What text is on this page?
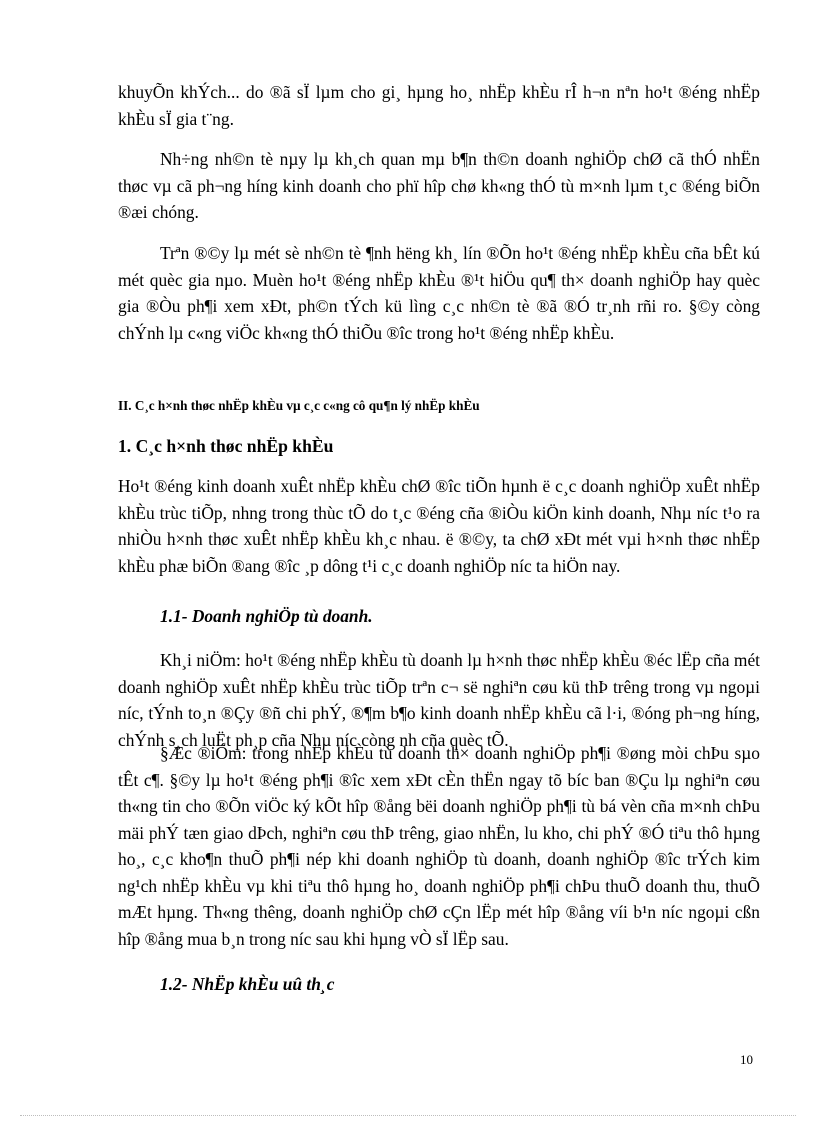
khuyÕn khÝch... do ®ã sÏ lµm cho gi¸ hµng ho¸ nhËp khÈu rÎ h¬n nªn ho¹t ®éng nhËp khÈu sÏ gia t¨ng.

Nh÷ng nh©n tè nµy lµ kh¸ch quan mµ b¶n th©n doanh nghiÖp chØ cã thÓ nhËn thøc vµ cã ph¬ng híng kinh doanh cho phï hîp chø kh«ng thÓ tù m×nh lµm t¸c ®éng biÕn ®æi chóng.

Trªn ®©y lµ mét sè nh©n tè ¶nh hëng kh¸ lín ®Õn ho¹t ®éng nhËp khÈu cña bÊt kú mét quèc gia nµo. Muèn ho¹t ®éng nhËp khÈu ®¹t hiÖu qu¶ th× doanh nghiÖp hay quèc gia ®Òu ph¶i xem xÐt, ph©n tÝch kü lìng c¸c nh©n tè ®ã ®Ó tr¸nh rñi ro. §©y còng chÝnh lµ c«ng viÖc kh«ng thÓ thiÕu ®îc trong ho¹t ®éng nhËp khÈu.

II. C¸c h×nh thøc nhËp khÈu vµ c¸c c«ng cô qu¶n lý nhËp khÈu

1. C¸c h×nh thøc nhËp khÈu

Ho¹t ®éng kinh doanh xuÊt nhËp khÈu chØ ®îc tiÕn hµnh ë c¸c doanh nghiÖp xuÊt nhËp khÈu trùc tiÕp, nhng trong thùc tÕ do t¸c ®éng cña ®iÒu kiÖn kinh doanh, Nhµ níc t¹o ra nhiÒu h×nh thøc xuÊt nhËp khÈu kh¸c nhau. ë ®©y, ta chØ xÐt mét vµi h×nh thøc nhËp khÈu phæ biÕn ®ang ®îc ¸p dông t¹i c¸c doanh nghiÖp níc ta hiÖn nay.

1.1- Doanh nghiÖp tù doanh.

Kh¸i niÖm: ho¹t ®éng nhËp khÈu tù doanh lµ h×nh thøc nhËp khÈu ®éc lËp cña mét doanh nghiÖp xuÊt nhËp khÈu trùc tiÕp trªn c¬ së nghiªn cøu kü thÞ trêng trong vµ ngoµi níc, tÝnh to¸n ®Çy ®ñ chi phÝ, ®¶m b¶o kinh doanh nhËp khÈu cã l·i, ®óng ph¬ng híng, chÝnh s¸ch luËt ph¸p cña Nhµ níc còng nh cña quèc tÕ.

§Æc ®iÓm: trong nhËp khÈu tù doanh th× doanh nghiÖp ph¶i ®øng mòi chÞu sµo tÊt c¶. §©y lµ ho¹t ®éng ph¶i ®îc xem xÐt cÈn thËn ngay tõ bíc ban ®Çu lµ nghiªn cøu th«ng tin cho ®Õn viÖc ký kÕt hîp ®ång bëi doanh nghiÖp ph¶i tù bá vèn cña m×nh chÞu mäi phÝ tæn giao dÞch, nghiªn cøu thÞ trêng, giao nhËn, lu kho, chi phÝ ®Ó tiªu thô hµng ho¸, c¸c kho¶n thuÕ ph¶i nép khi doanh nghiÖp tù doanh, doanh nghiÖp ®îc trÝch kim ng¹ch nhËp khÈu vµ khi tiªu thô hµng ho¸ doanh nghiÖp ph¶i chÞu thuÕ doanh thu, thuÕ mÆt hµng. Th«ng thêng, doanh nghiÖp chØ cÇn lËp mét hîp ®ång víi b¹n níc ngoµi cßn hîp ®ång mua b¸n trong níc sau khi hµng vÒ sÏ lËp sau.

1.2- NhËp khÈu uû th¸c

10
